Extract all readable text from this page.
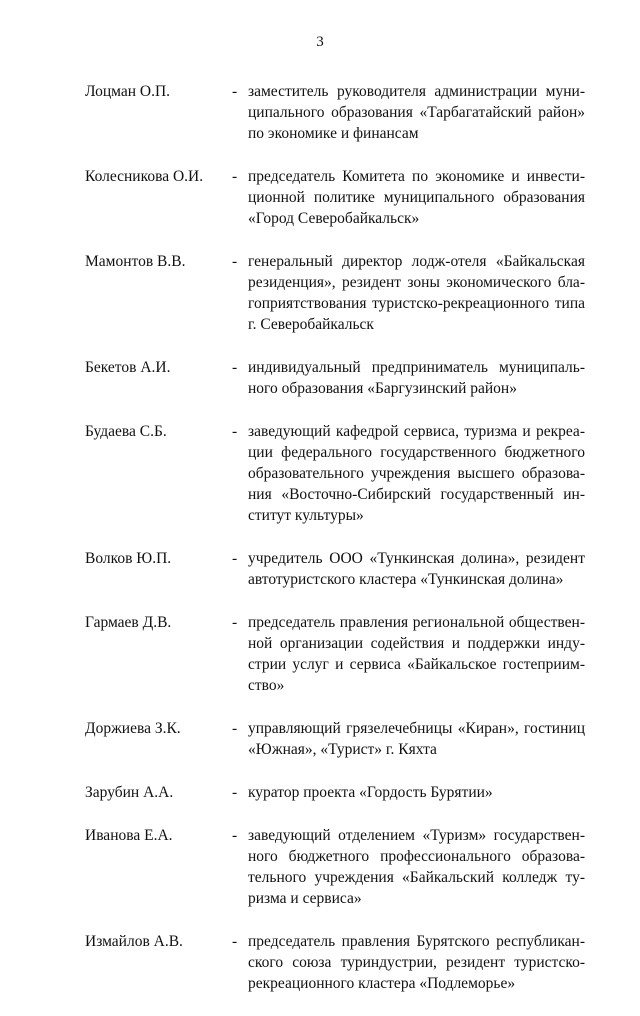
3
Лоцман О.П.	- заместитель руководителя администрации муниципального образования «Тарбагатайский район» по экономике и финансам
Колесникова О.И. - председатель Комитета по экономике и инвестиционной политике муниципального образования «Город Северобайкальск»
Мамонтов В.В.	- генеральный директор лодж-отеля «Байкальская резиденция», резидент зоны экономического благоприятствования туристско-рекреационного типа г. Северобайкальск
Бекетов А.И.	- индивидуальный предприниматель муниципального образования «Баргузинский район»
Будаева С.Б.	- заведующий кафедрой сервиса, туризма и рекреации федерального государственного бюджетного образовательного учреждения высшего образования «Восточно-Сибирский государственный институт культуры»
Волков Ю.П.	- учредитель ООО «Тункинская долина», резидент автотуристского кластера «Тункинская долина»
Гармаев Д.В.	- председатель правления региональной общественной организации содействия и поддержки индустрии услуг и сервиса «Байкальское гостеприимство»
Доржиева З.К.	- управляющий грязелечебницы «Киран», гостиниц «Южная», «Турист» г. Кяхта
Зарубин А.А.	- куратор проекта «Гордость Бурятии»
Иванова Е.А.	- заведующий отделением «Туризм» государственного бюджетного профессионального образовательного учреждения «Байкальский колледж туризма и сервиса»
Измайлов А.В.	- председатель правления Бурятского республиканского союза туриндустрии, резидент туристско-рекреационного кластера «Подлеморье»
